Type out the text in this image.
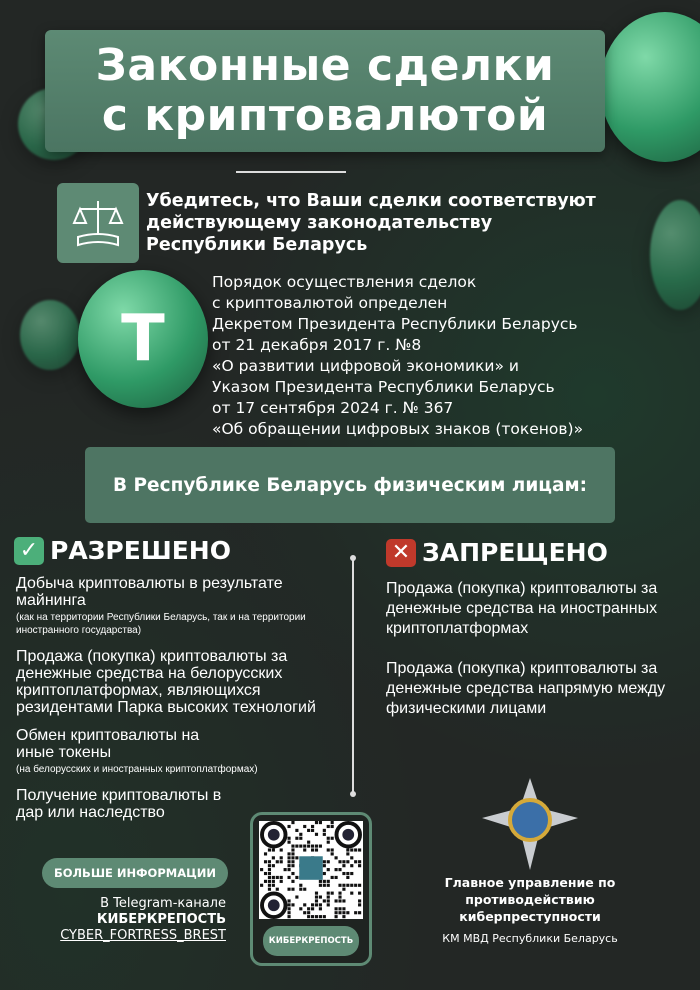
T
Законные сделки
с криптовалютой
Убедитесь, что Ваши сделки соответствуют действующему законодательству Республики Беларусь
Порядок осуществления сделок
с криптовалютой определен
Декретом Президента Республики Беларусь
от 21 декабря 2017 г. №8
«О развитии цифровой экономики» и
Указом Президента Республики Беларусь
от 17 сентября 2024 г. № 367
«Об обращении цифровых знаков (токенов)»
В Республике Беларусь физическим лицам:
✓ РАЗРЕШЕНО
Добыча криптовалюты в результате майнинга
(как на территории Республики Беларусь, так и на территории иностранного государства)
Продажа (покупка) криптовалюты за денежные средства на белорусских криптоплатформах, являющихся резидентами Парка высоких технологий
Обмен криптовалюты на иные токены
(на белорусских и иностранных криптоплатформах)
Получение криптовалюты в дар или наследство
✕ ЗАПРЕЩЕНО
Продажа (покупка) криптовалюты за денежные средства на иностранных криптоплатформах
Продажа (покупка) криптовалюты за денежные средства напрямую между физическими лицами
БОЛЬШЕ ИНФОРМАЦИИ
В Telegram-канале
КИБЕРКРЕПОСТЬ
CYBER_FORTRESS_BREST	КИБЕРКРЕПОСТЬ
Главное управление по противодействию киберпреступности
КМ МВД Республики Беларусь
